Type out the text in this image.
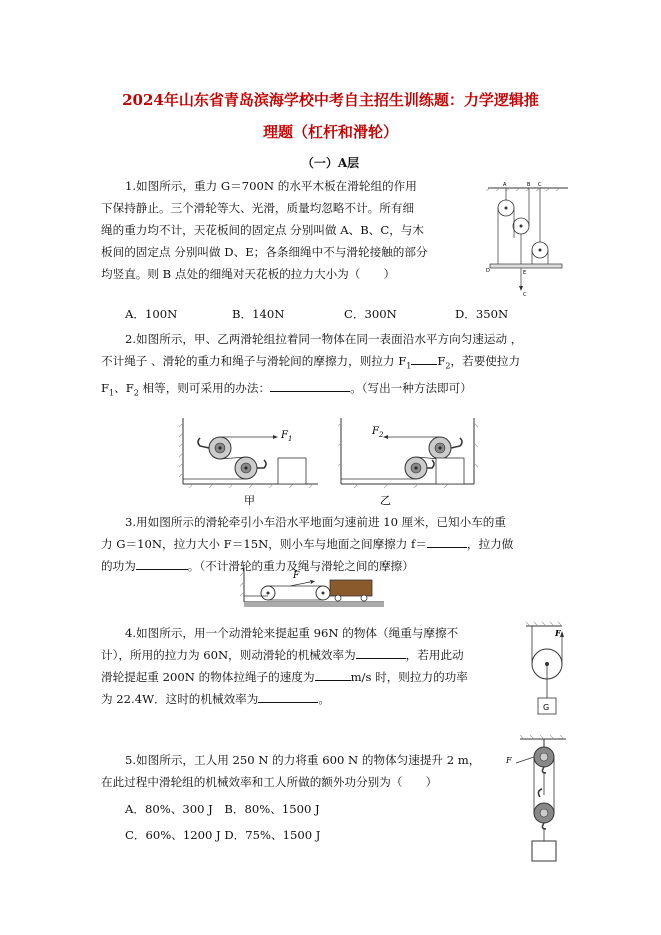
2024年山东省青岛滨海学校中考自主招生训练题：力学逻辑推
理题（杠杆和滑轮）
（一）A层
1.如图所示，重力 G＝700N 的水平木板在滑轮组的作用
下保持静止。三个滑轮等大、光滑，质量均忽略不计。所有细
绳的重力均不计，天花板间的固定点 分别叫做 A、B、C，与木
板间的固定点 分别叫做 D、E；各条细绳中不与滑轮接触的部分
均竖直。则 B 点处的细绳对天花板的拉力大小为（　　）
A．100N	B．140N	C．300N	D．350N
A	B C
D	E
C
2.如图所示，甲、乙两滑轮组拉着同一物体在同一表面沿水平方向匀速运动 ，
不计绳子 、滑轮的重力和绳子与滑轮间的摩擦力，则拉力 $F_1$ $F_2$，若要使拉力
$F_1$、$F_2$ 相等，则可采用的办法：	。（写出一种方法即可）
$F_1$
甲
$F_2$
乙
3.用如图所示的滑轮牵引小车沿水平地面匀速前进 10 厘米，已知小车的重
力 G＝10N，拉力大小 F＝15N，则小车与地面之间摩擦力 f＝	，拉力做
的功为	。（不计滑轮的重力及绳与滑轮之间的摩擦）
F
4.如图所示，用一个动滑轮来提起重 96N 的物体（绳重与摩擦不
计），所用的拉力为 60N，则动滑轮的机械效率为	，若用此动
滑轮提起重 200N 的物体拉绳子的速度为	m/s 时，则拉力的功率
为 22.4W．这时的机械效率为	。
F
G
5.如图所示，工人用 250 N 的力将重 600 N 的物体匀速提升 2 m，
在此过程中滑轮组的机械效率和工人所做的额外功分别为（　　）
A．80%、300 J　B．80%、1500 J
C．60%、1200 J D．75%、1500 J
F
